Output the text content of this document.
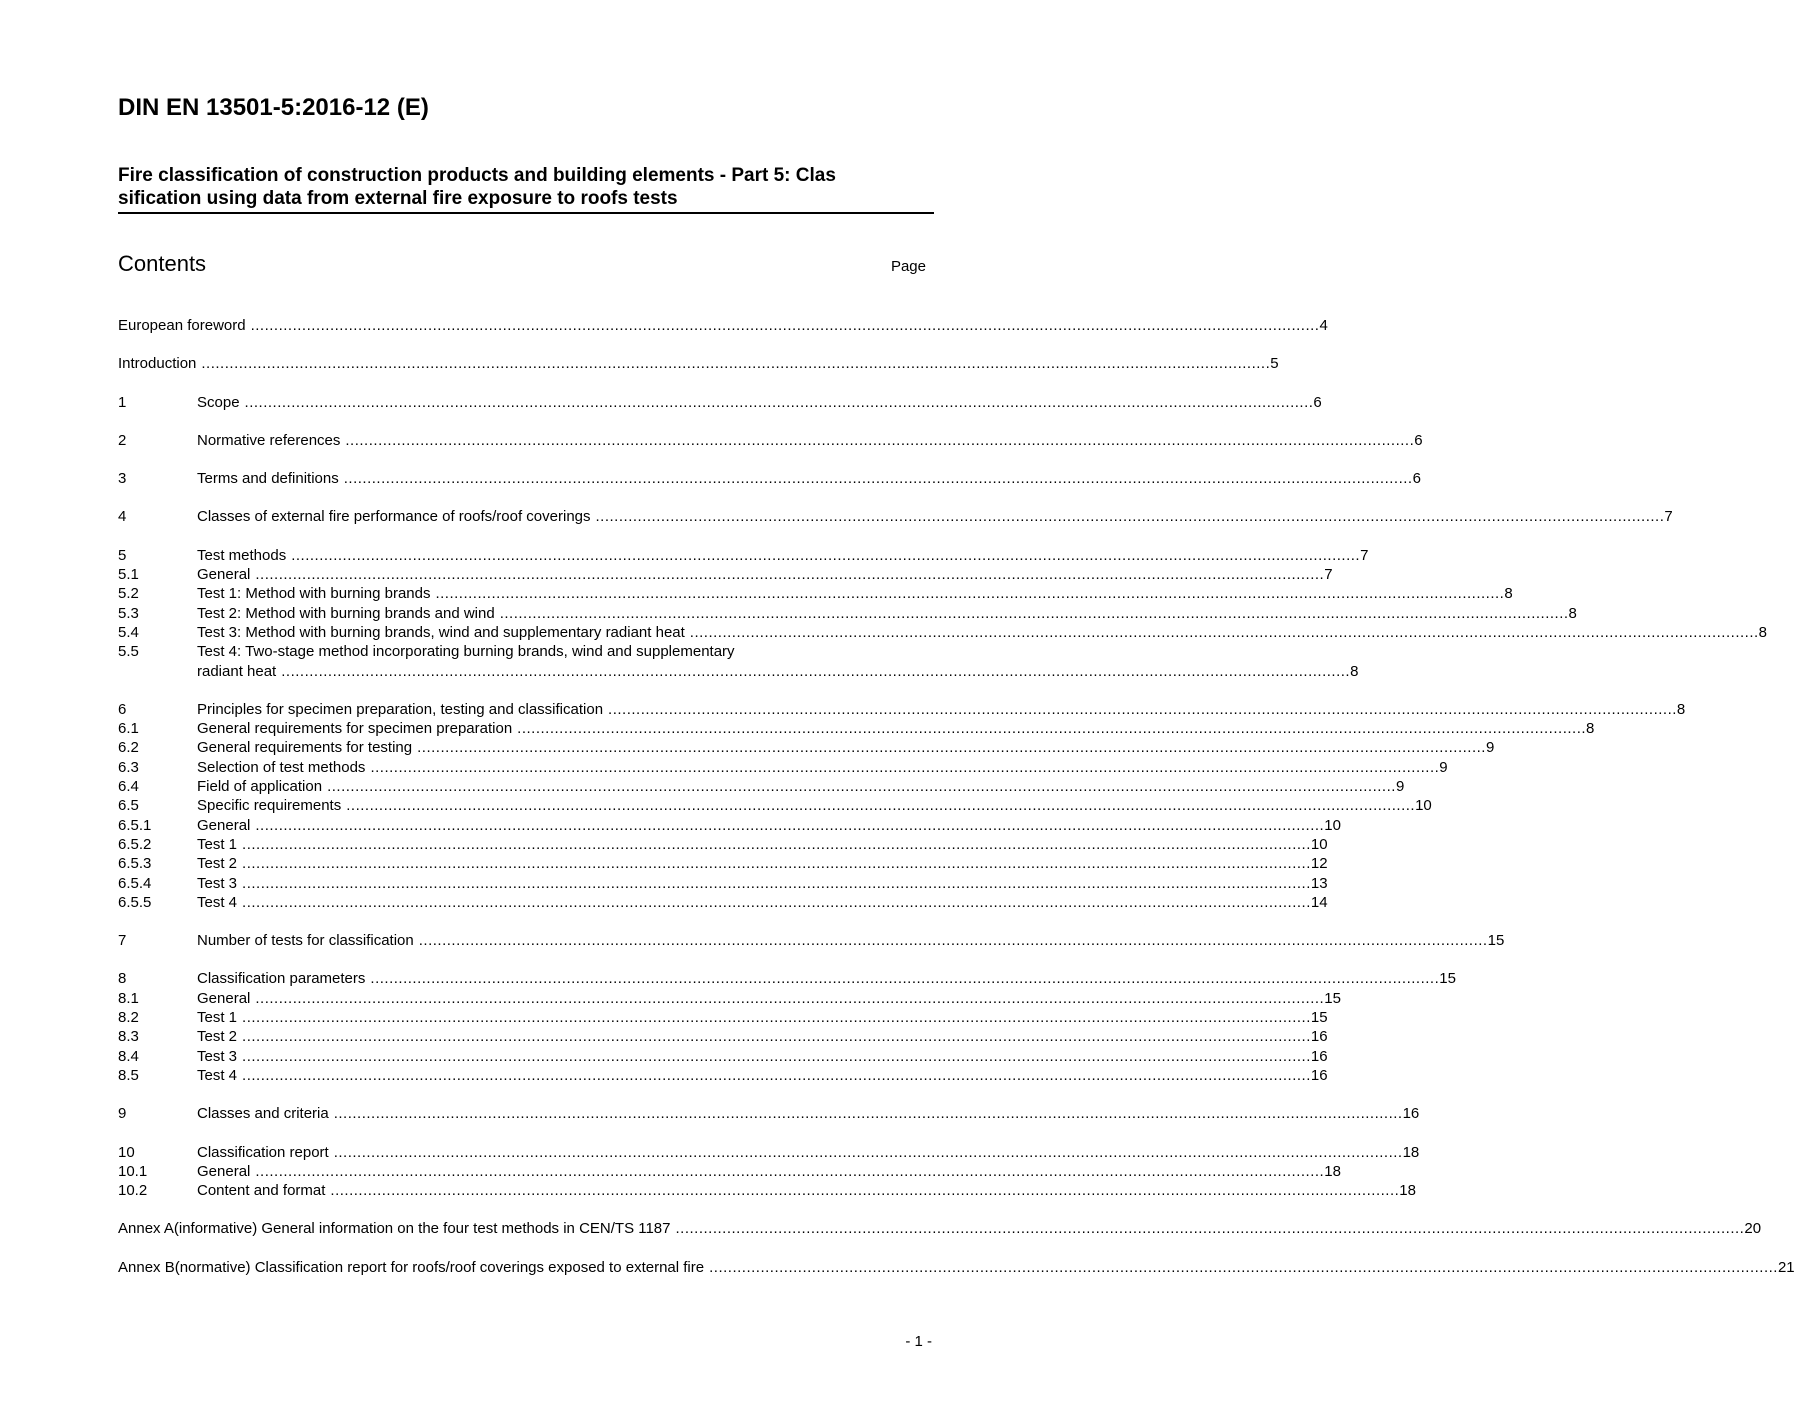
DIN EN 13501-5:2016-12 (E)
Fire classification of construction products and building elements - Part 5: Clas
sification using data from external fire exposure to roofs tests
Contents	Page
European foreword .....	4
Introduction .....	5
1	Scope .....	6
2	Normative references .....	6
3	Terms and definitions .....	6
4	Classes of external fire performance of roofs/roof coverings .....	7
5	Test methods .....	7
5.1	General .....	7
5.2	Test 1: Method with burning brands .....	8
5.3	Test 2: Method with burning brands and wind .....	8
5.4	Test 3: Method with burning brands, wind and supplementary radiant heat .....	8
5.5	Test 4: Two-stage method incorporating burning brands, wind and supplementary
radiant heat .....	8
6	Principles for specimen preparation, testing and classification .....	8
6.1	General requirements for specimen preparation .....	8
6.2	General requirements for testing .....	9
6.3	Selection of test methods .....	9
6.4	Field of application .....	9
6.5	Specific requirements .....	10
6.5.1	General .....	10
6.5.2	Test 1 .....	10
6.5.3	Test 2 .....	12
6.5.4	Test 3 .....	13
6.5.5	Test 4 .....	14
7	Number of tests for classification .....	15
8	Classification parameters .....	15
8.1	General .....	15
8.2	Test 1 .....	15
8.3	Test 2 .....	16
8.4	Test 3 .....	16
8.5	Test 4 .....	16
9	Classes and criteria .....	16
10	Classification report .....	18
10.1	General .....	18
10.2	Content and format .....	18
Annex A(informative) General information on the four test methods in CEN/TS 1187 .....	20
Annex B(normative) Classification report for roofs/roof coverings exposed to external fire .....	21
- 1 -
